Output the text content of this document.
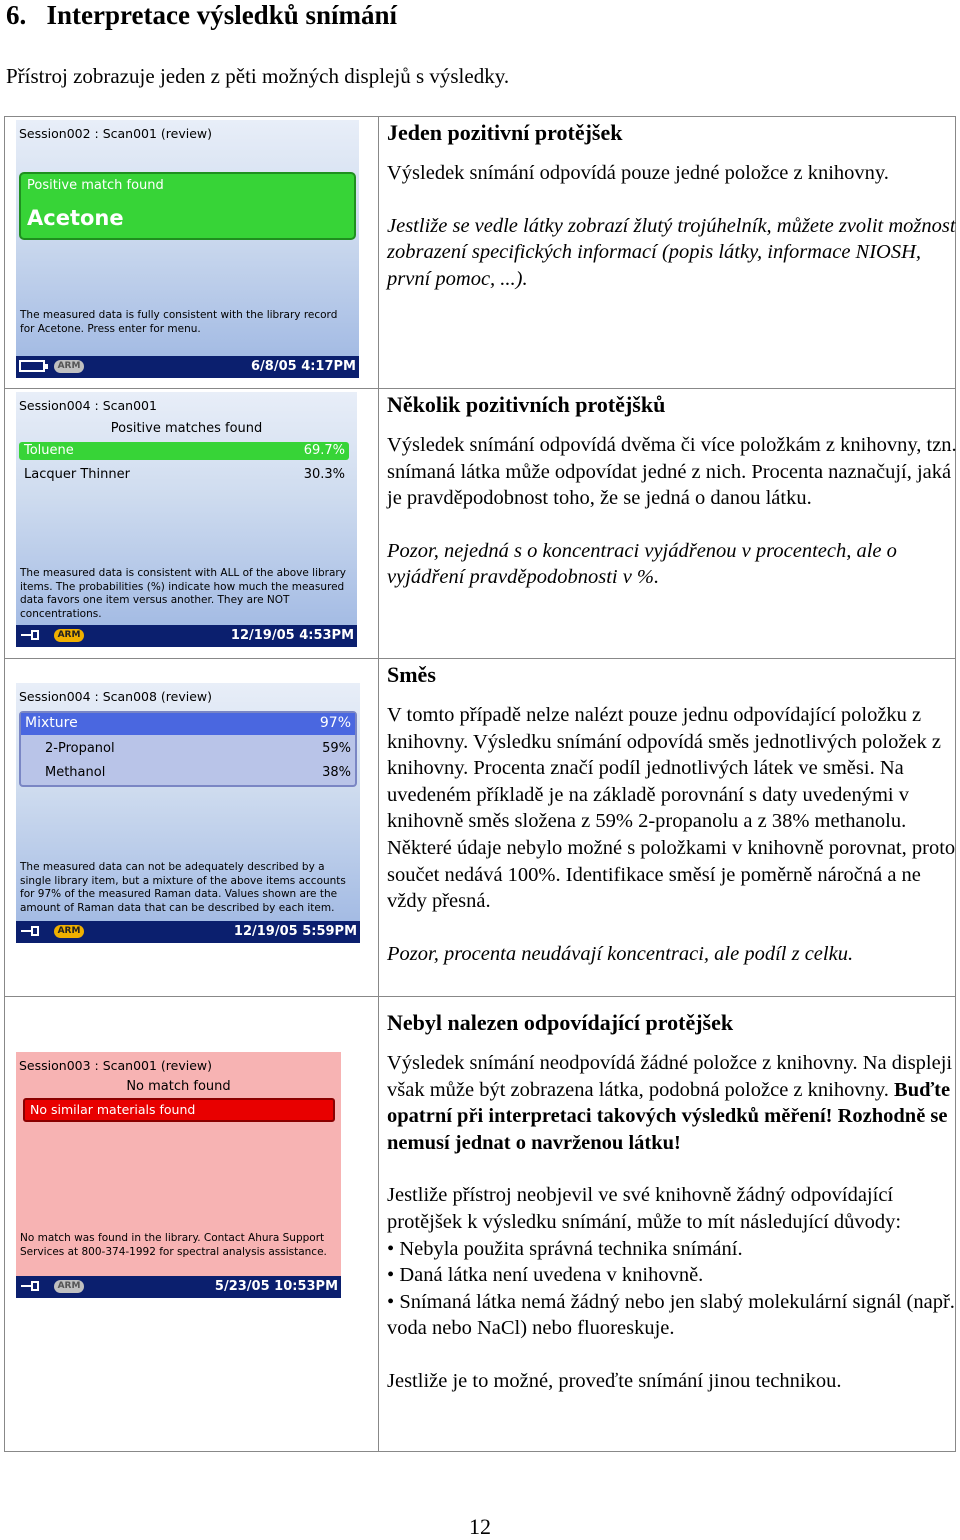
6.   Interpretace výsledků snímání

Přístroj zobrazuje jeden z pěti možných displejů s výsledky.

Session002 : Scan001 (review)
Positive match found
Acetone
The measured data is fully consistent with the library record for Acetone. Press enter for menu.
ARM	6/8/05 4:17PM
Jeden pozitivní protějšek

Výsledek snímání odpovídá pouze jedné položce z knihovny.

Jestliže se vedle látky zobrazí žlutý trojúhelník, můžete zvolit možnost zobrazení specifických informací (popis látky, informace NIOSH, první pomoc, ...).

Session004 : Scan001
Positive matches found
Toluene	69.7%
Lacquer Thinner	30.3%
The measured data is consistent with ALL of the above library items. The probabilities (%) indicate how much the measured data favors one item versus another. They are NOT concentrations.
ARM	12/19/05 4:53PM
Několik pozitivních protějšků

Výsledek snímání odpovídá dvěma či více položkám z knihovny, tzn. snímaná látka může odpovídat jedné z nich. Procenta naznačují, jaká je pravděpodobnost toho, že se jedná o danou látku.

Pozor, nejedná s o koncentraci vyjádřenou v procentech, ale o vyjádření pravděpodobnosti v %.

Session004 : Scan008 (review)
Mixture	97%
2-Propanol	59%
Methanol	38%
The measured data can not be adequately described by a single library item, but a mixture of the above items accounts for 97% of the measured Raman data. Values shown are the amount of Raman data that can be described by each item.
ARM	12/19/05 5:59PM
Směs

V tomto případě nelze nalézt pouze jednu odpovídající položku z knihovny. Výsledku snímání odpovídá směs jednotlivých položek z knihovny. Procenta značí podíl jednotlivých látek ve směsi. Na uvedeném příkladě je na základě porovnání s daty uvedenými v knihovně směs složena z 59% 2-propanolu a z 38% methanolu. Některé údaje nebylo možné s položkami v knihovně porovnat, proto součet nedává 100%. Identifikace směsí je poměrně náročná a ne vždy přesná.

Pozor, procenta neudávají koncentraci, ale podíl z celku.

Session003 : Scan001 (review)
No match found
No similar materials found
No match was found in the library. Contact Ahura Support Services at 800-374-1992 for spectral analysis assistance.
ARM	5/23/05 10:53PM
Nebyl nalezen odpovídající protějšek

Výsledek snímání neodpovídá žádné položce z knihovny. Na displeji však může být zobrazena látka, podobná položce z knihovny. Buďte opatrní při interpretaci takových výsledků měření! Rozhodně se nemusí jednat o navrženou látku!

Jestliže přístroj neobjevil ve své knihovně žádný odpovídající protějšek k výsledku snímání, může to mít následující důvody:

• Nebyla použita správná technika snímání.
• Daná látka není uvedena v knihovně.
• Snímaná látka nemá žádný nebo jen slabý molekulární signál (např. voda nebo NaCl) nebo fluoreskuje.

Jestliže je to možné, proveďte snímání jinou technikou.

12
